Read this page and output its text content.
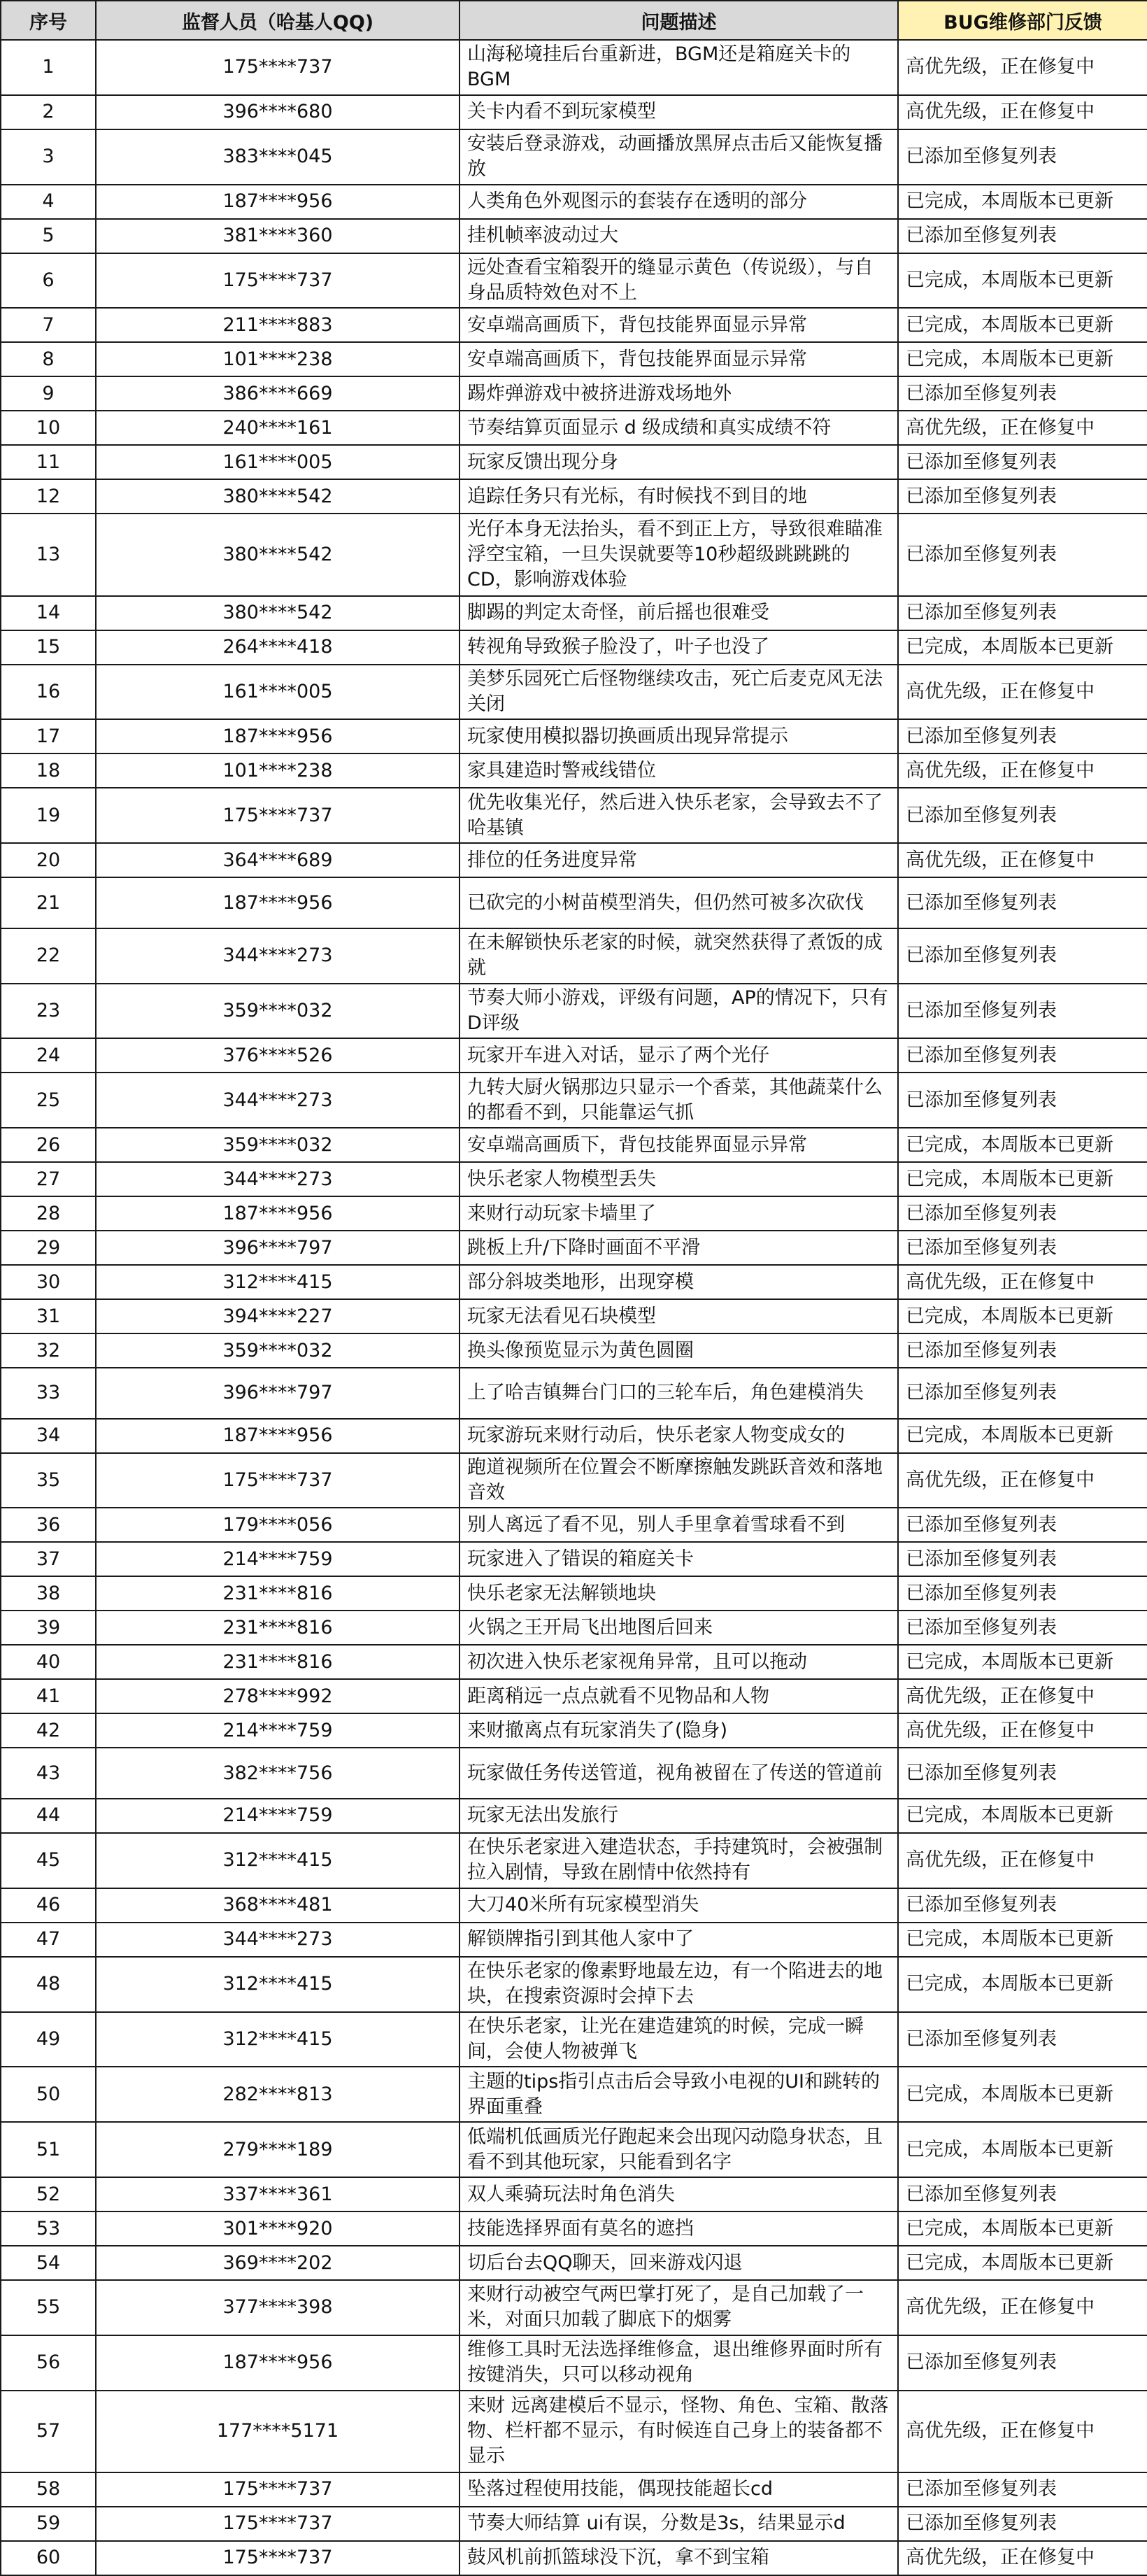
序号	监督人员（哈基人QQ)	问题描述	BUG维修部门反馈
1	175****737	山海秘境挂后台重新进，BGM还是箱庭关卡的BGM	高优先级，正在修复中
2	396****680	关卡内看不到玩家模型	高优先级，正在修复中
3	383****045	安装后登录游戏，动画播放黑屏点击后又能恢复播放	已添加至修复列表
4	187****956	人类角色外观图示的套装存在透明的部分	已完成，本周版本已更新
5	381****360	挂机帧率波动过大	已添加至修复列表
6	175****737	远处查看宝箱裂开的缝显示黄色（传说级），与自身品质特效色对不上	已完成，本周版本已更新
7	211****883	安卓端高画质下，背包技能界面显示异常	已完成，本周版本已更新
8	101****238	安卓端高画质下，背包技能界面显示异常	已完成，本周版本已更新
9	386****669	踢炸弹游戏中被挤进游戏场地外	已添加至修复列表
10	240****161	节奏结算页面显示 d 级成绩和真实成绩不符	高优先级，正在修复中
11	161****005	玩家反馈出现分身	已添加至修复列表
12	380****542	追踪任务只有光标，有时候找不到目的地	已添加至修复列表
13	380****542	光仔本身无法抬头，看不到正上方，导致很难瞄准浮空宝箱，一旦失误就要等10秒超级跳跳跳的CD，影响游戏体验	已添加至修复列表
14	380****542	脚踢的判定太奇怪，前后摇也很难受	已添加至修复列表
15	264****418	转视角导致猴子脸没了，叶子也没了	已完成，本周版本已更新
16	161****005	美梦乐园死亡后怪物继续攻击，死亡后麦克风无法关闭	高优先级，正在修复中
17	187****956	玩家使用模拟器切换画质出现异常提示	已添加至修复列表
18	101****238	家具建造时警戒线错位	高优先级，正在修复中
19	175****737	优先收集光仔，然后进入快乐老家，会导致去不了哈基镇	已添加至修复列表
20	364****689	排位的任务进度异常	高优先级，正在修复中
21	187****956	已砍完的小树苗模型消失，但仍然可被多次砍伐	已添加至修复列表
22	344****273	在未解锁快乐老家的时候，就突然获得了煮饭的成就	已添加至修复列表
23	359****032	节奏大师小游戏，评级有问题，AP的情况下，只有D评级	已添加至修复列表
24	376****526	玩家开车进入对话，显示了两个光仔	已添加至修复列表
25	344****273	九转大厨火锅那边只显示一个香菜，其他蔬菜什么的都看不到，只能靠运气抓	已添加至修复列表
26	359****032	安卓端高画质下，背包技能界面显示异常	已完成，本周版本已更新
27	344****273	快乐老家人物模型丢失	已完成，本周版本已更新
28	187****956	来财行动玩家卡墙里了	已添加至修复列表
29	396****797	跳板上升/下降时画面不平滑	已添加至修复列表
30	312****415	部分斜坡类地形，出现穿模	高优先级，正在修复中
31	394****227	玩家无法看见石块模型	已完成，本周版本已更新
32	359****032	换头像预览显示为黄色圆圈	已添加至修复列表
33	396****797	上了哈吉镇舞台门口的三轮车后，角色建模消失	已添加至修复列表
34	187****956	玩家游玩来财行动后，快乐老家人物变成女的	已完成，本周版本已更新
35	175****737	跑道视频所在位置会不断摩擦触发跳跃音效和落地音效	高优先级，正在修复中
36	179****056	别人离远了看不见，别人手里拿着雪球看不到	已添加至修复列表
37	214****759	玩家进入了错误的箱庭关卡	已添加至修复列表
38	231****816	快乐老家无法解锁地块	已添加至修复列表
39	231****816	火锅之王开局飞出地图后回来	已添加至修复列表
40	231****816	初次进入快乐老家视角异常，且可以拖动	已完成，本周版本已更新
41	278****992	距离稍远一点点就看不见物品和人物	高优先级，正在修复中
42	214****759	来财撤离点有玩家消失了(隐身)	高优先级，正在修复中
43	382****756	玩家做任务传送管道，视角被留在了传送的管道前	已添加至修复列表
44	214****759	玩家无法出发旅行	已完成，本周版本已更新
45	312****415	在快乐老家进入建造状态，手持建筑时，会被强制拉入剧情，导致在剧情中依然持有	高优先级，正在修复中
46	368****481	大刀40米所有玩家模型消失	已添加至修复列表
47	344****273	解锁牌指引到其他人家中了	已完成，本周版本已更新
48	312****415	在快乐老家的像素野地最左边，有一个陷进去的地块，在搜索资源时会掉下去	已完成，本周版本已更新
49	312****415	在快乐老家，让光在建造建筑的时候，完成一瞬间，会使人物被弹飞	已添加至修复列表
50	282****813	主题的tips指引点击后会导致小电视的UI和跳转的界面重叠	已完成，本周版本已更新
51	279****189	低端机低画质光仔跑起来会出现闪动隐身状态，且看不到其他玩家，只能看到名字	已完成，本周版本已更新
52	337****361	双人乘骑玩法时角色消失	已添加至修复列表
53	301****920	技能选择界面有莫名的遮挡	已完成，本周版本已更新
54	369****202	切后台去QQ聊天，回来游戏闪退	已完成，本周版本已更新
55	377****398	来财行动被空气两巴掌打死了，是自己加载了一米，对面只加载了脚底下的烟雾	高优先级，正在修复中
56	187****956	维修工具时无法选择维修盒，退出维修界面时所有按键消失，只可以移动视角	已添加至修复列表
57	177****5171	来财 远离建模后不显示，怪物、角色、宝箱、散落物、栏杆都不显示，有时候连自己身上的装备都不显示	高优先级，正在修复中
58	175****737	坠落过程使用技能，偶现技能超长cd	已添加至修复列表
59	175****737	节奏大师结算 ui有误，分数是3s，结果显示d	已添加至修复列表
60	175****737	鼓风机前抓篮球没下沉，拿不到宝箱	高优先级，正在修复中
